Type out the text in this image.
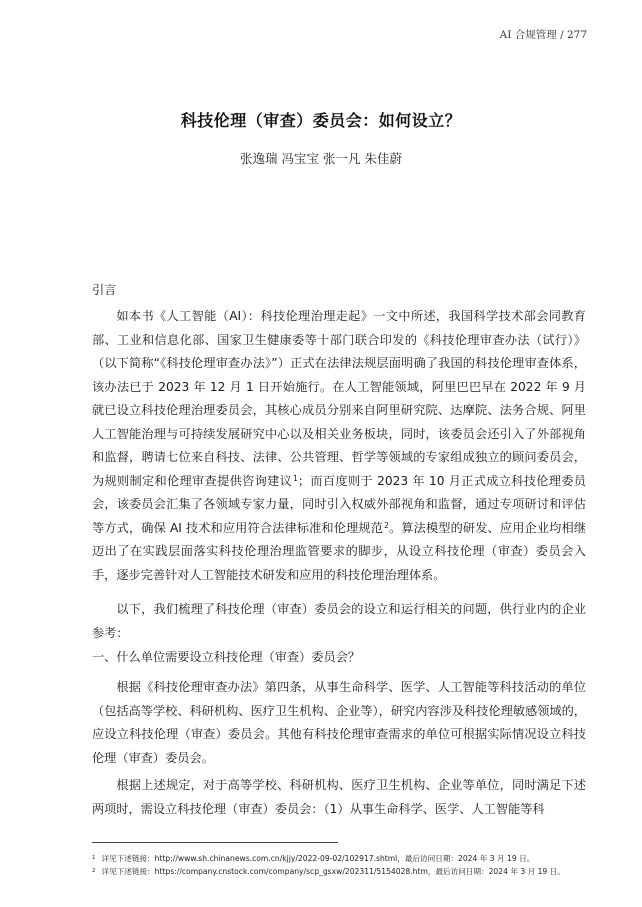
AI 合规管理 / 277
科技伦理（审查）委员会：如何设立？
张逸瑞 冯宝宝 张一凡 朱佳蔚

引言

如本书《人工智能（AI）：科技伦理治理走起》一文中所述，我国科学技术部会同教育部、工业和信息化部、国家卫生健康委等十部门联合印发的《科技伦理审查办法（试行）》（以下简称“《科技伦理审查办法》”）正式在法律法规层面明确了我国的科技伦理审查体系，该办法已于 2023 年 12 月 1 日开始施行。在人工智能领域，阿里巴巴早在 2022 年 9 月就已设立科技伦理治理委员会，其核心成员分别来自阿里研究院、达摩院、法务合规、阿里人工智能治理与可持续发展研究中心以及相关业务板块，同时，该委员会还引入了外部视角和监督，聘请七位来自科技、法律、公共管理、哲学等领域的专家组成独立的顾问委员会，为规则制定和伦理审查提供咨询建议$^1$；而百度则于 2023 年 10 月正式成立科技伦理委员会，该委员会汇集了各领域专家力量，同时引入权威外部视角和监督，通过专项研讨和评估等方式，确保 AI 技术和应用符合法律标准和伦理规范$^2$。算法模型的研发、应用企业均相继迈出了在实践层面落实科技伦理治理监管要求的脚步，从设立科技伦理（审查）委员会入手，逐步完善针对人工智能技术研发和应用的科技伦理治理体系。

以下，我们梳理了科技伦理（审查）委员会的设立和运行相关的问题，供行业内的企业参考：

一、什么单位需要设立科技伦理（审查）委员会？

根据《科技伦理审查办法》第四条，从事生命科学、医学、人工智能等科技活动的单位（包括高等学校、科研机构、医疗卫生机构、企业等），研究内容涉及科技伦理敏感领域的，应设立科技伦理（审查）委员会。其他有科技伦理审查需求的单位可根据实际情况设立科技伦理（审查）委员会。

根据上述规定，对于高等学校、科研机构、医疗卫生机构、企业等单位，同时满足下述两项时，需设立科技伦理（审查）委员会：（1）从事生命科学、医学、人工智能等科

$^1$ 详见下述链接：http://www.sh.chinanews.com.cn/kjjy/2022-09-02/102917.shtml，最后访问日期：2024 年 3 月 19 日。
$^2$ 详见下述链接：https://company.cnstock.com/company/scp_gsxw/202311/5154028.htm，最后访问日期：2024 年 3 月 19 日。
